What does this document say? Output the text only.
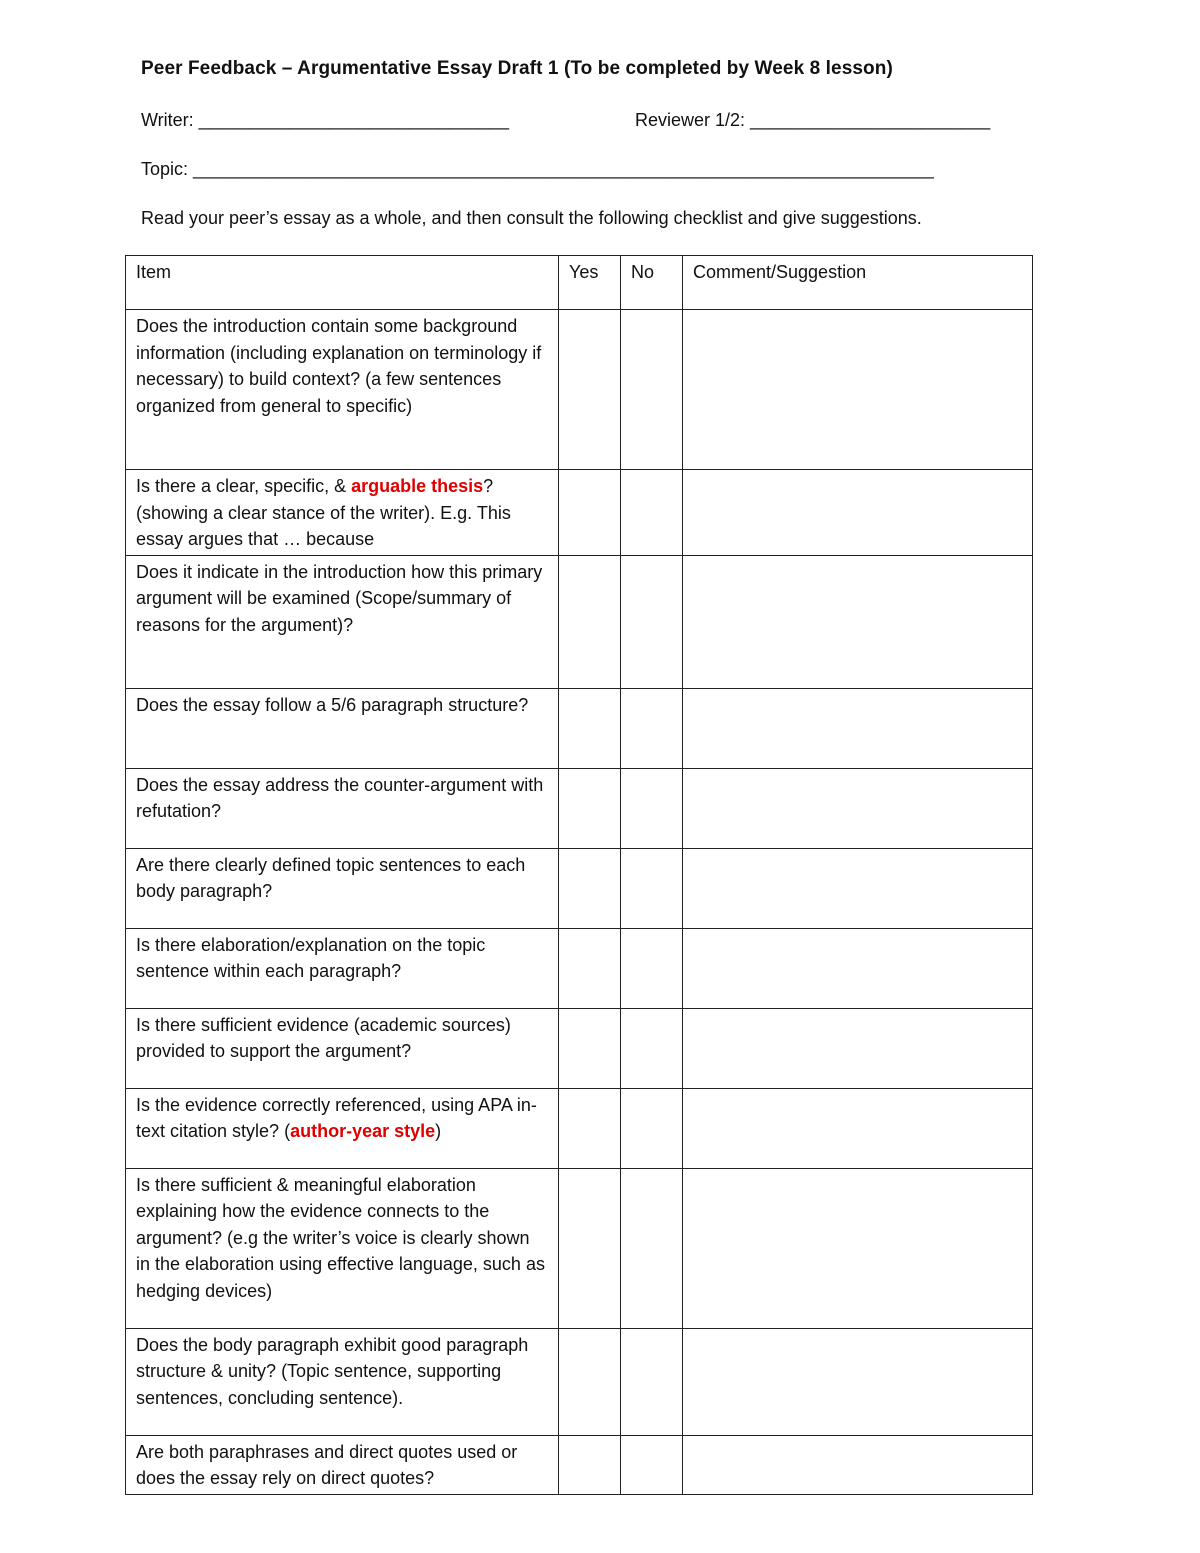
Peer Feedback – Argumentative Essay Draft 1 (To be completed by Week 8 lesson)
Writer: _______________________________	Reviewer 1/2: ________________________
Topic: __________________________________________________________________________
Read your peer’s essay as a whole, and then consult the following checklist and give suggestions.
Item	Yes	No	Comment/Suggestion
Does the introduction contain some background information (including explanation on terminology if necessary) to build context? (a few sentences organized from general to specific)			
Is there a clear, specific, & arguable thesis? (showing a clear stance of the writer). E.g. This essay argues that … because			
Does it indicate in the introduction how this primary argument will be examined (Scope/summary of reasons for the argument)?			
Does the essay follow a 5/6 paragraph structure?			
Does the essay address the counter-argument with refutation?			
Are there clearly defined topic sentences to each body paragraph?			
Is there elaboration/explanation on the topic sentence within each paragraph?			
Is there sufficient evidence (academic sources) provided to support the argument?			
Is the evidence correctly referenced, using APA in-text citation style? (author-year style)			
Is there sufficient & meaningful elaboration explaining how the evidence connects to the argument? (e.g the writer’s voice is clearly shown in the elaboration using effective language, such as hedging devices)			
Does the body paragraph exhibit good paragraph structure & unity? (Topic sentence, supporting sentences, concluding sentence).			
Are both paraphrases and direct quotes used or does the essay rely on direct quotes?			
